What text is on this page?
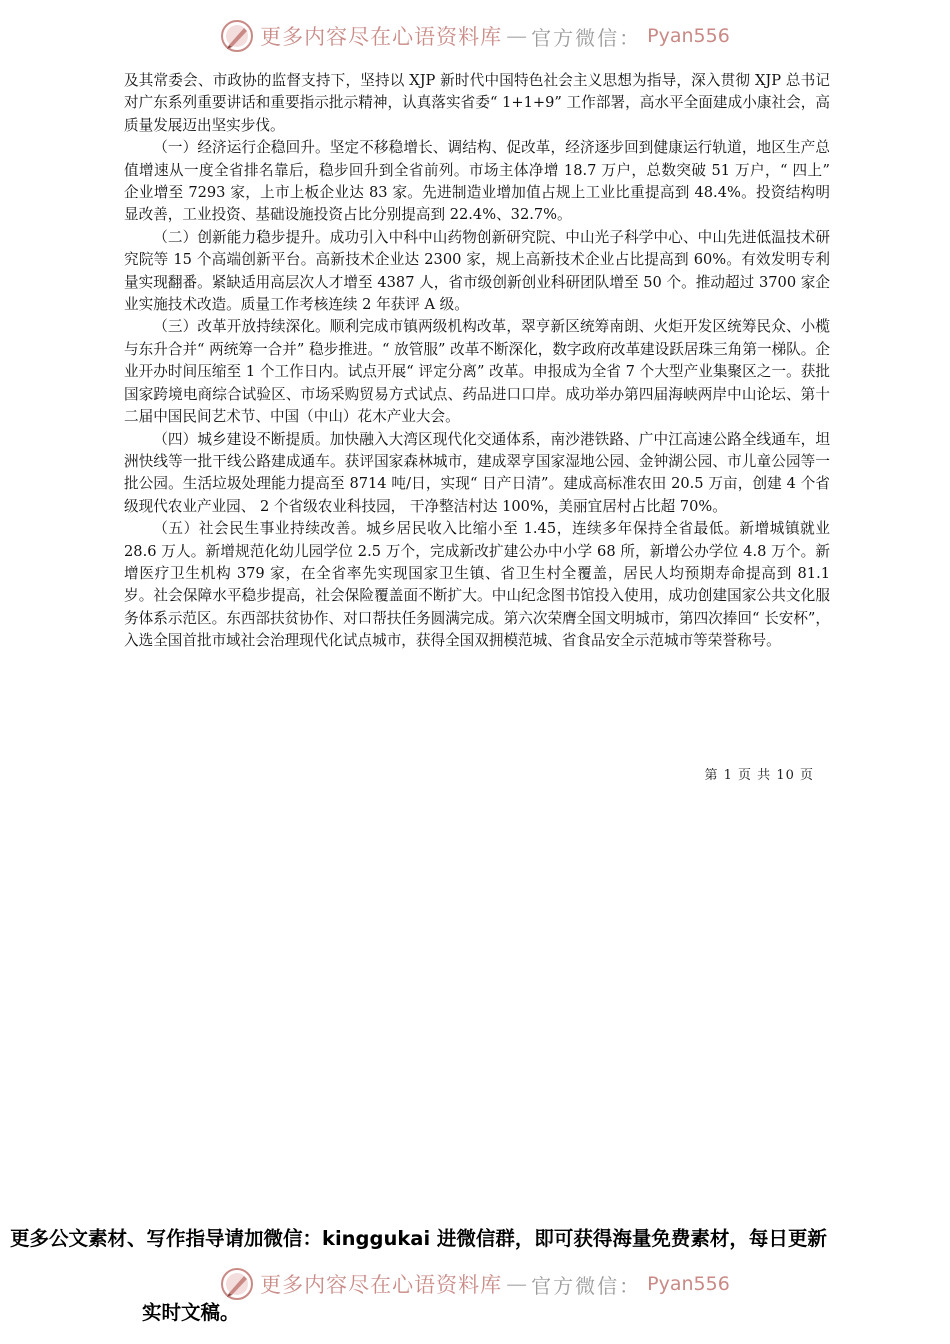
更多内容尽在心语资料库 — 官方微信： Pyan556

及其常委会、市政协的监督支持下，坚持以 XJP 新时代中国特色社会主义思想为指导，深入贯彻 XJP 总书记对广东系列重要讲话和重要指示批示精神，认真落实省委“ 1+1+9” 工作部署，高水平全面建成小康社会，高质量发展迈出坚实步伐。

（一）经济运行企稳回升。坚定不移稳增长、调结构、促改革，经济逐步回到健康运行轨道，地区生产总值增速从一度全省排名靠后，稳步回升到全省前列。市场主体净增 18.7 万户，总数突破 51 万户，“ 四上” 企业增至 7293 家，上市上板企业达 83 家。先进制造业增加值占规上工业比重提高到 48.4%。投资结构明显改善，工业投资、基础设施投资占比分别提高到 22.4%、32.7%。

（二）创新能力稳步提升。成功引入中科中山药物创新研究院、中山光子科学中心、中山先进低温技术研究院等 15 个高端创新平台。高新技术企业达 2300 家，规上高新技术企业占比提高到 60%。有效发明专利量实现翻番。紧缺适用高层次人才增至 4387 人，省市级创新创业科研团队增至 50 个。推动超过 3700 家企业实施技术改造。质量工作考核连续 2 年获评 A 级。

（三）改革开放持续深化。顺利完成市镇两级机构改革，翠亨新区统筹南朗、火炬开发区统筹民众、小榄与东升合并“ 两统筹一合并” 稳步推进。“ 放管服” 改革不断深化，数字政府改革建设跃居珠三角第一梯队。企业开办时间压缩至 1 个工作日内。试点开展“ 评定分离” 改革。申报成为全省 7 个大型产业集聚区之一。获批国家跨境电商综合试验区、市场采购贸易方式试点、药品进口口岸。成功举办第四届海峡两岸中山论坛、第十二届中国民间艺术节、中国（中山）花木产业大会。

（四）城乡建设不断提质。加快融入大湾区现代化交通体系，南沙港铁路、广中江高速公路全线通车，坦洲快线等一批干线公路建成通车。获评国家森林城市，建成翠亨国家湿地公园、金钟湖公园、市儿童公园等一批公园。生活垃圾处理能力提高至 8714 吨/日，实现“ 日产日清”。建成高标准农田 20.5 万亩，创建 4 个省级现代农业产业园、 2 个省级农业科技园， 干净整洁村达 100%，美丽宜居村占比超 70%。

（五）社会民生事业持续改善。城乡居民收入比缩小至 1.45，连续多年保持全省最低。新增城镇就业 28.6 万人。新增规范化幼儿园学位 2.5 万个，完成新改扩建公办中小学 68 所，新增公办学位 4.8 万个。新增医疗卫生机构 379 家，在全省率先实现国家卫生镇、省卫生村全覆盖，居民人均预期寿命提高到 81.1 岁。社会保障水平稳步提高，社会保险覆盖面不断扩大。中山纪念图书馆投入使用，成功创建国家公共文化服务体系示范区。东西部扶贫协作、对口帮扶任务圆满完成。第六次荣膺全国文明城市，第四次捧回“ 长安杯”，入选全国首批市域社会治理现代化试点城市，获得全国双拥模范城、省食品安全示范城市等荣誉称号。

第 1 页 共 10 页
更多公文素材、写作指导请加微信：kinggukai 进微信群，即可获得海量免费素材，每日更新
更多内容尽在心语资料库 — 官方微信： Pyan556
实时文稿。
